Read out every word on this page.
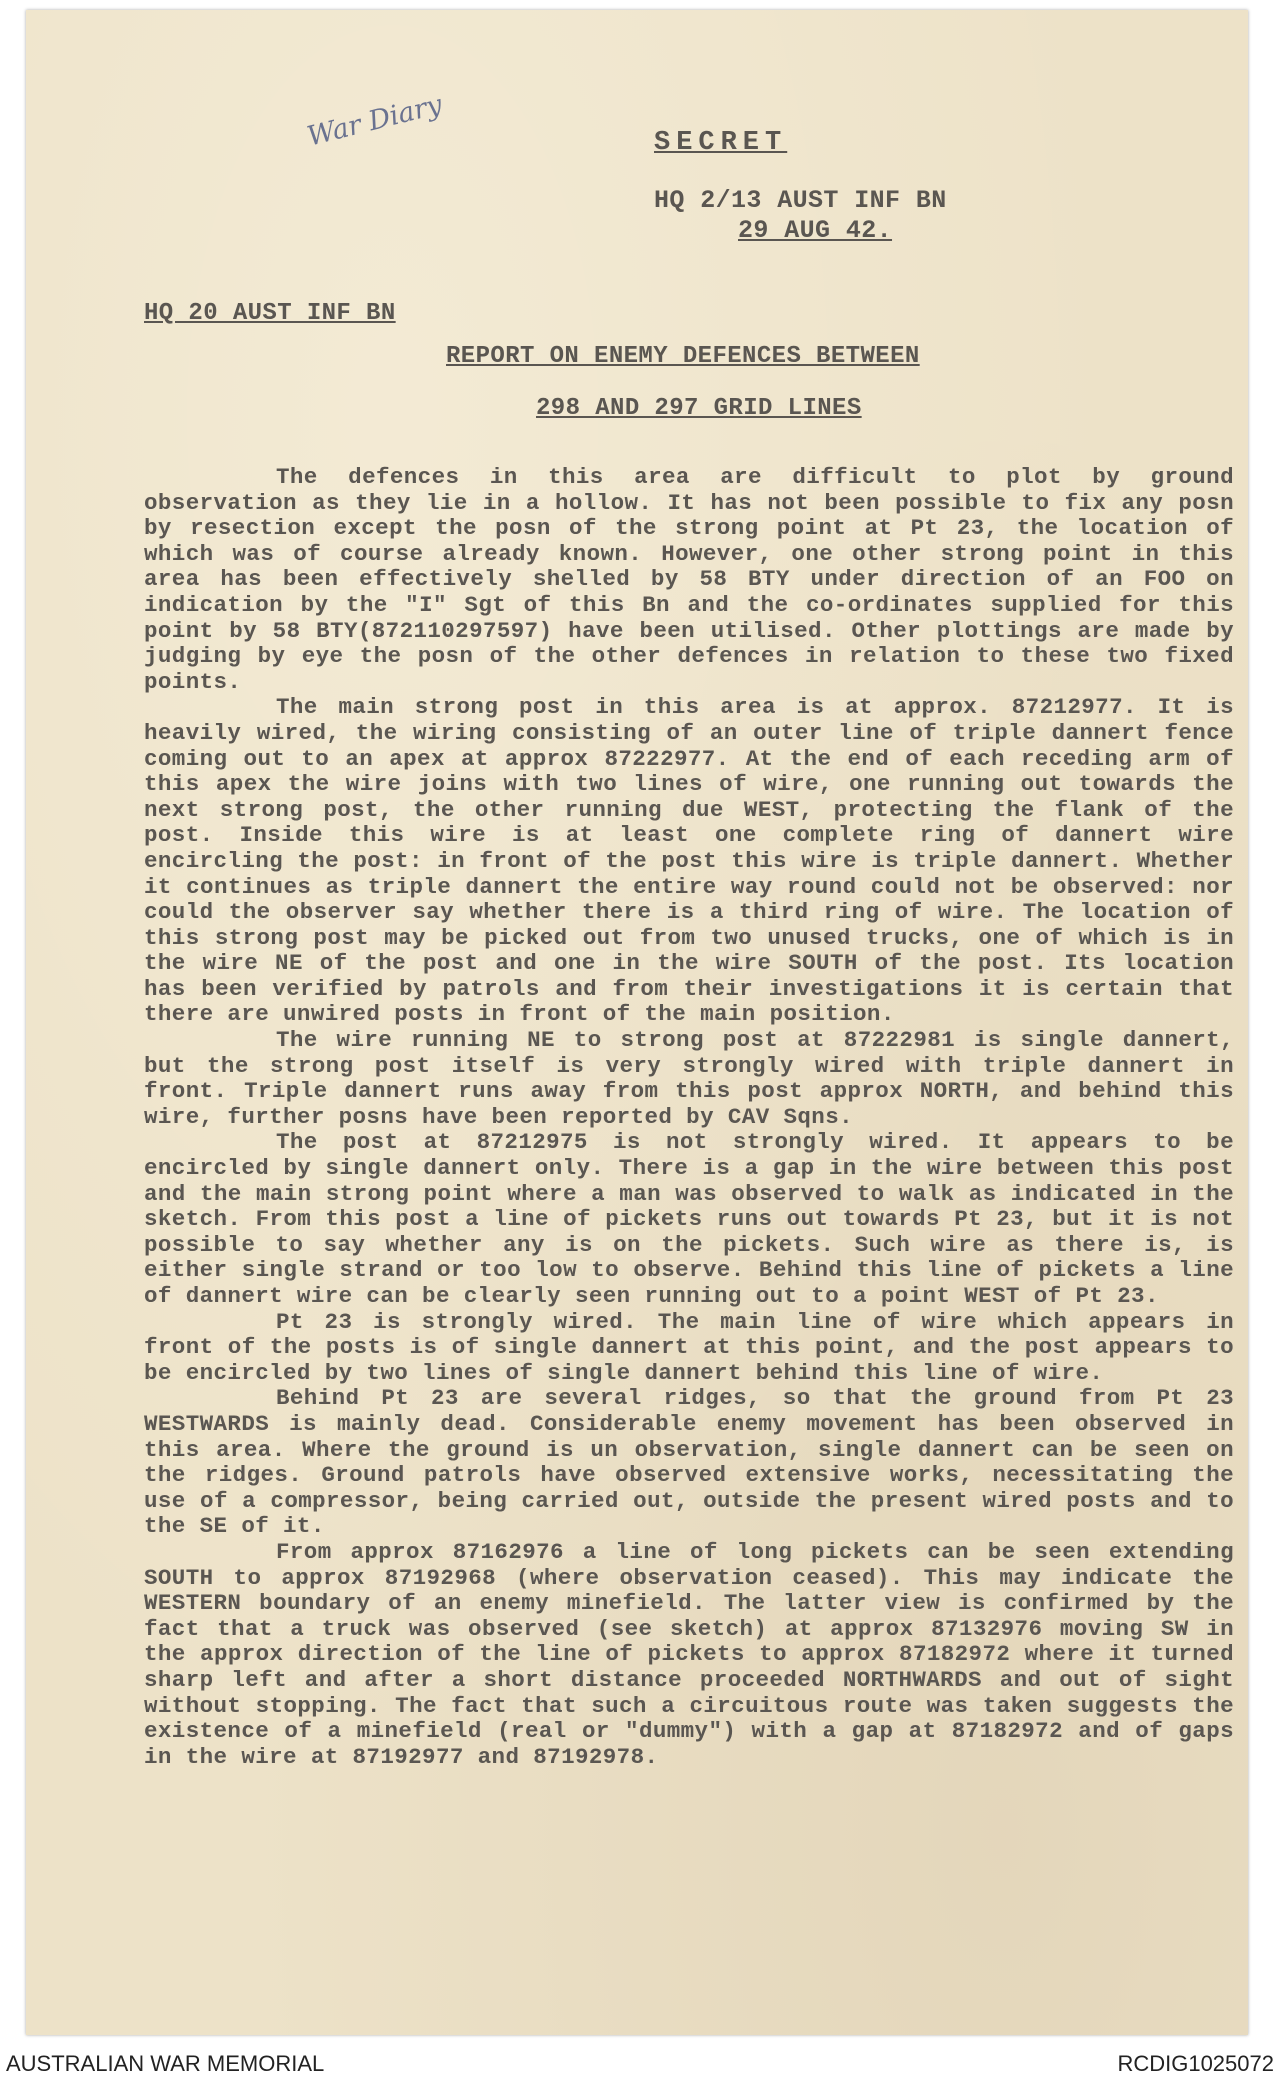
War Diary	SECRET
HQ 2/13 AUST INF BN
29 AUG 42.
HQ 20 AUST INF BN
REPORT ON ENEMY DEFENCES BETWEEN
298 AND 297 GRID LINES

The defences in this area are difficult to plot by ground observation as they lie in a hollow. It has not been possible to fix any posn by resection except the posn of the strong point at Pt 23, the location of which was of course already known. However, one other strong point in this area has been effectively shelled by 58 BTY under direction of an FOO on indication by the "I" Sgt of this Bn and the co-ordinates supplied for this point by 58 BTY(872110297597) have been utilised. Other plottings are made by judging by eye the posn of the other defences in relation to these two fixed points.

The main strong post in this area is at approx. 87212977. It is heavily wired, the wiring consisting of an outer line of triple dannert fence coming out to an apex at approx 87222977. At the end of each receding arm of this apex the wire joins with two lines of wire, one running out towards the next strong post, the other running due WEST, protecting the flank of the post. Inside this wire is at least one complete ring of dannert wire encircling the post: in front of the post this wire is triple dannert. Whether it continues as triple dannert the entire way round could not be observed: nor could the observer say whether there is a third ring of wire. The location of this strong post may be picked out from two unused trucks, one of which is in the wire NE of the post and one in the wire SOUTH of the post. Its location has been verified by patrols and from their investigations it is certain that there are unwired posts in front of the main position.

The wire running NE to strong post at 87222981 is single dannert, but the strong post itself is very strongly wired with triple dannert in front. Triple dannert runs away from this post approx NORTH, and behind this wire, further posns have been reported by CAV Sqns.

The post at 87212975 is not strongly wired. It appears to be encircled by single dannert only. There is a gap in the wire between this post and the main strong point where a man was observed to walk as indicated in the sketch. From this post a line of pickets runs out towards Pt 23, but it is not possible to say whether any is on the pickets. Such wire as there is, is either single strand or too low to observe. Behind this line of pickets a line of dannert wire can be clearly seen running out to a point WEST of Pt 23.

Pt 23 is strongly wired. The main line of wire which appears in front of the posts is of single dannert at this point, and the post appears to be encircled by two lines of single dannert behind this line of wire.

Behind Pt 23 are several ridges, so that the ground from Pt 23 WESTWARDS is mainly dead. Considerable enemy movement has been observed in this area. Where the ground is un observation, single dannert can be seen on the ridges. Ground patrols have observed extensive works, necessitating the use of a compressor, being carried out, outside the present wired posts and to the SE of it.

From approx 87162976 a line of long pickets can be seen extending SOUTH to approx 87192968 (where observation ceased). This may indicate the WESTERN boundary of an enemy minefield. The latter view is confirmed by the fact that a truck was observed (see sketch) at approx 87132976 moving SW in the approx direction of the line of pickets to approx 87182972 where it turned sharp left and after a short distance proceeded NORTHWARDS and out of sight without stopping. The fact that such a circuitous route was taken suggests the existence of a minefield (real or "dummy") with a gap at 87182972 and of gaps in the wire at 87192977 and 87192978.

AUSTRALIAN WAR MEMORIAL	RCDIG1025072
